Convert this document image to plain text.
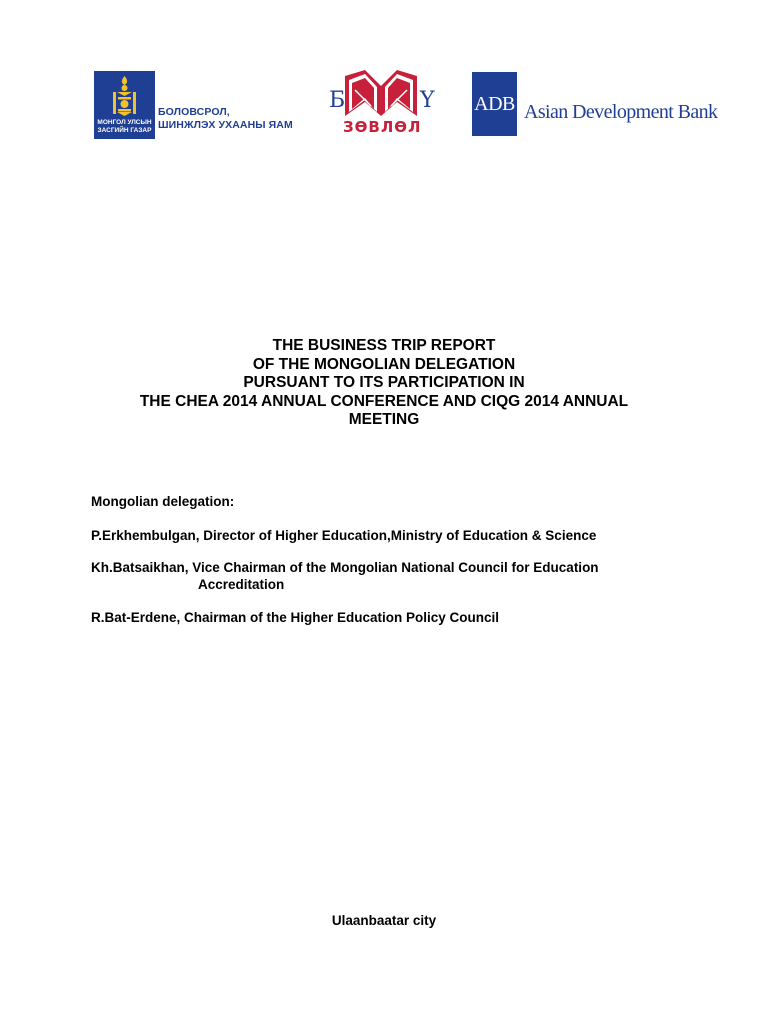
МОНГОЛ УЛСЫН
ЗАСГИЙН ГАЗАР
БОЛОВСРОЛ,
ШИНЖЛЭХ УХААНЫ ЯАМ
Б	Ү
ЗӨВЛӨЛ
ADB Asian Development Bank
THE BUSINESS TRIP REPORT
OF THE MONGOLIAN DELEGATION
PURSUANT TO ITS PARTICIPATION IN
THE CHEA 2014 ANNUAL CONFERENCE AND CIQG 2014 ANNUAL
MEETING
Mongolian delegation:
P.Erkhembulgan, Director of Higher Education,Ministry of Education & Science
Kh.Batsaikhan, Vice Chairman of the Mongolian National Council for Education
Accreditation
R.Bat-Erdene, Chairman of the Higher Education Policy Council
Ulaanbaatar city
